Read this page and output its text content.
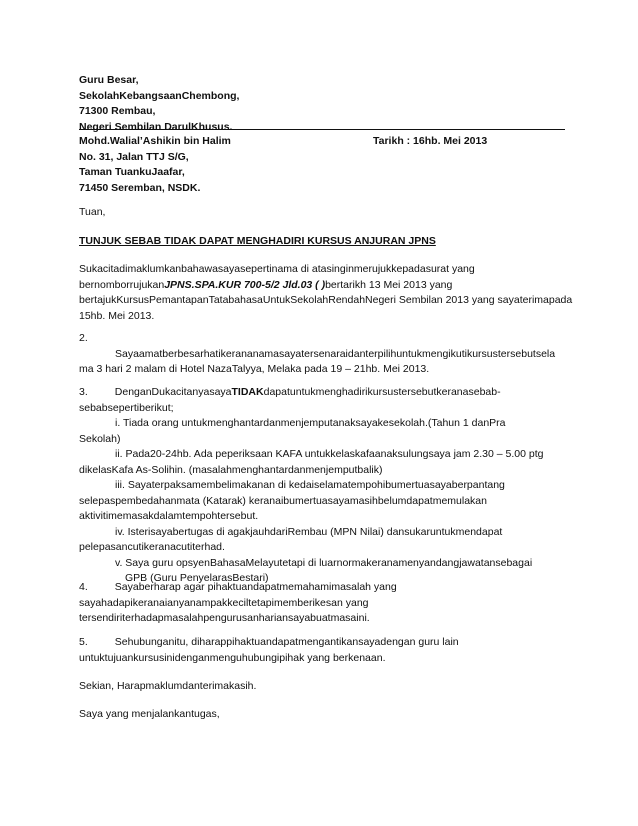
Guru Besar,
SekolahKebangsaanChembong,
71300 Rembau,
Negeri Sembilan DarulKhusus.
Mohd.Walial’Ashikin bin Halim
No. 31, Jalan TTJ S/G,
Taman TuankuJaafar,
71450 Seremban, NSDK.
Tarikh : 16hb. Mei 2013
Tuan,
TUNJUK SEBAB TIDAK DAPAT MENGHADIRI KURSUS ANJURAN JPNS
Sukacitadimaklumkanbahawasayasepertinama di atasinginmerujukkepadasurat yang
bernomborrujukanJPNS.SPA.KUR 700-5/2 Jld.03 ( )bertarikh 13 Mei 2013 yang
bertajukKursusPemantapanTatabahasaUntukSekolahRendahNegeri Sembilan 2013 yang sayaterimapada
15hb. Mei 2013.
2.
Sayaamatberbesarhatikerananamasayatersenaraidanterpilihuntukmengikutikursustersebutsela
ma 3 hari 2 malam di Hotel NazaTalyya, Melaka pada 19 – 21hb. Mei 2013.
3.	DenganDukacitanyasayaTIDAKdapatuntukmenghadirikursustersebutkeranasebab-
sebabsepertiberikut;
i. Tiada orang untukmenghantardanmenjemputanaksayakesekolah.(Tahun 1 danPra
Sekolah)
ii. Pada20-24hb. Ada peperiksaan KAFA untukkelaskafaanaksulungsaya jam 2.30 – 5.00 ptg
dikelasKafa As-Solihin. (masalahmenghantardanmenjemputbalik)
iii. Sayaterpaksamembelimakanan di kedaiselamatempohibumertuasayaberpantang
selepaspembedahanmata (Katarak) keranaibumertuasayamasihbelumdapatmemulakan
aktivitimemasakdalamtempohtersebut.
iv. Isterisayabertugas di agakjauhdariRembau (MPN Nilai) dansukaruntukmendapat
pelepasancutikeranacutiterhad.
v. Saya guru opsyenBahasaMelayutetapi di luarnormakeranamenyandangjawatansebagai
GPB (Guru PenyelarasBestari)
4.	Sayaberharap agar pihaktuandapatmemahamimasalah yang
sayahadapikeranaianyanampakkeciltetapimemberikesan yang
tersendiriterhadapmasalahpengurusanhariansayabuatmasaini.
5.	Sehubunganitu, diharappihaktuandapatmengantikansayadengan guru lain
untuktujuankursusinidenganmenguhubungipihak yang berkenaan.
Sekian, Harapmaklumdanterimakasih.
Saya yang menjalankantugas,
